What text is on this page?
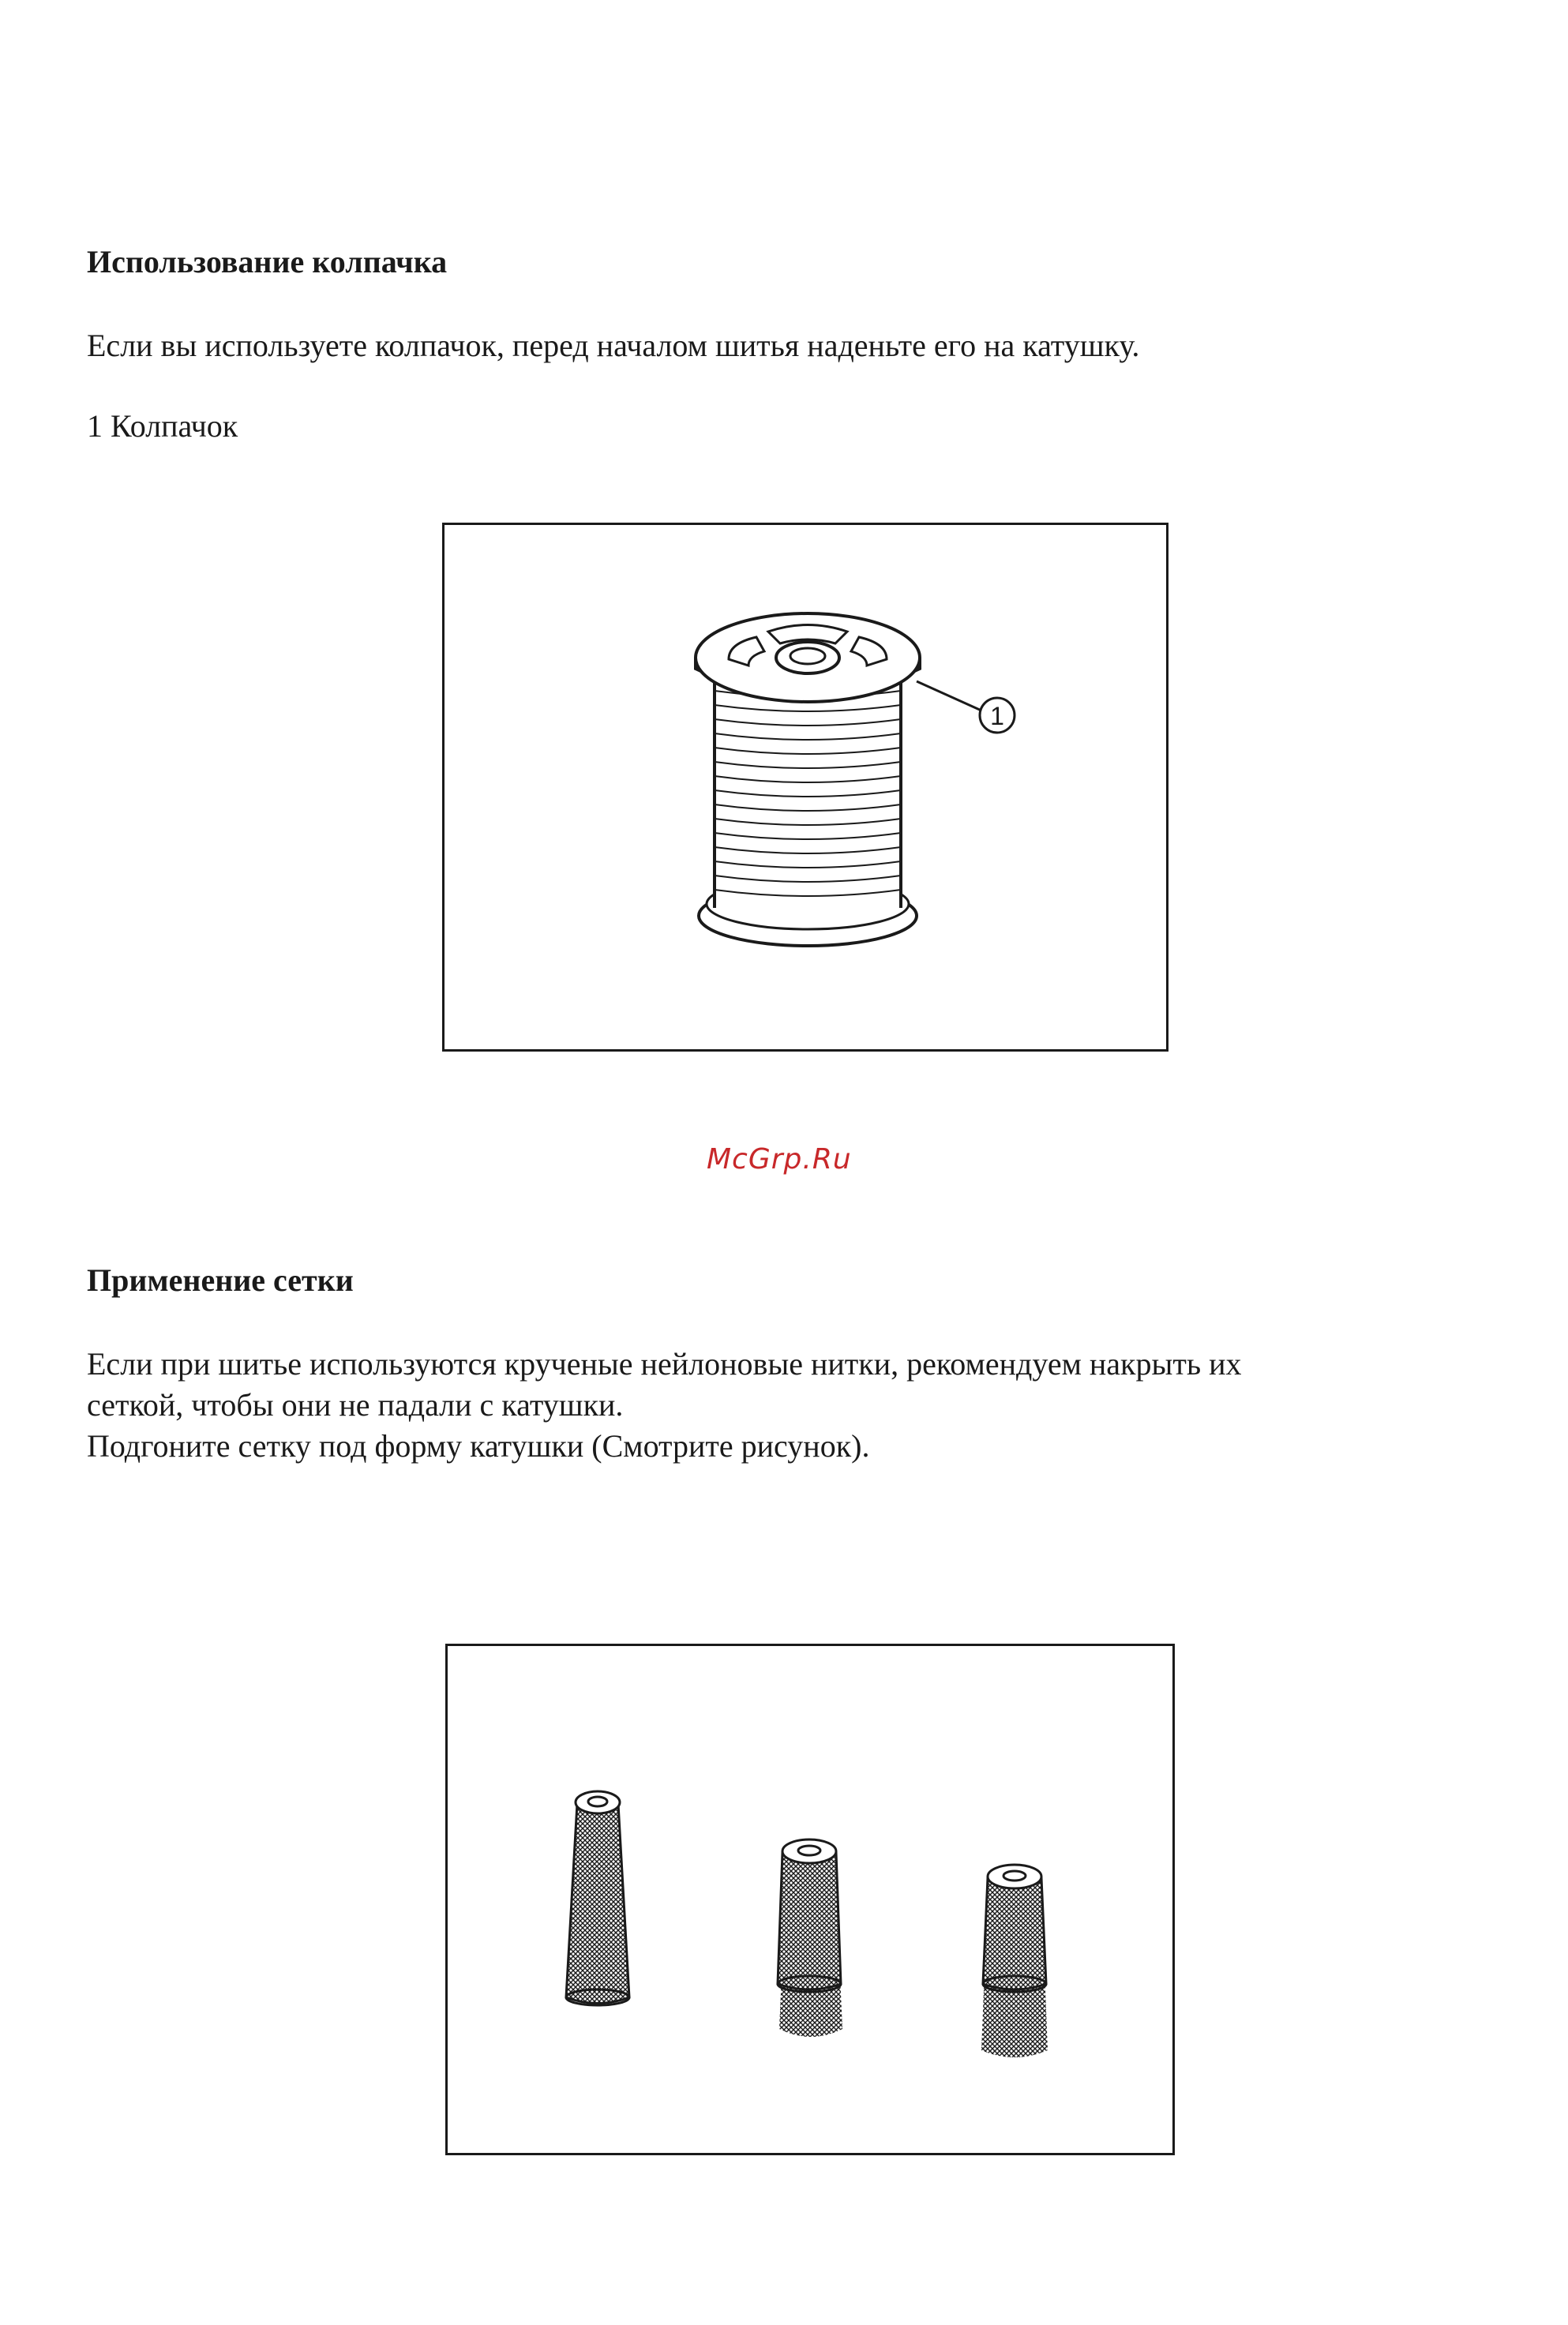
Использование колпачка
Если вы используете колпачок, перед началом шитья наденьте его на катушку.
1 Колпачок
1
McGrp.Ru
Применение сетки
Если при шитье используются крученые нейлоновые нитки, рекомендуем накрыть их
сеткой, чтобы они не падали с катушки.
Подгоните сетку под форму катушки (Смотрите рисунок).
